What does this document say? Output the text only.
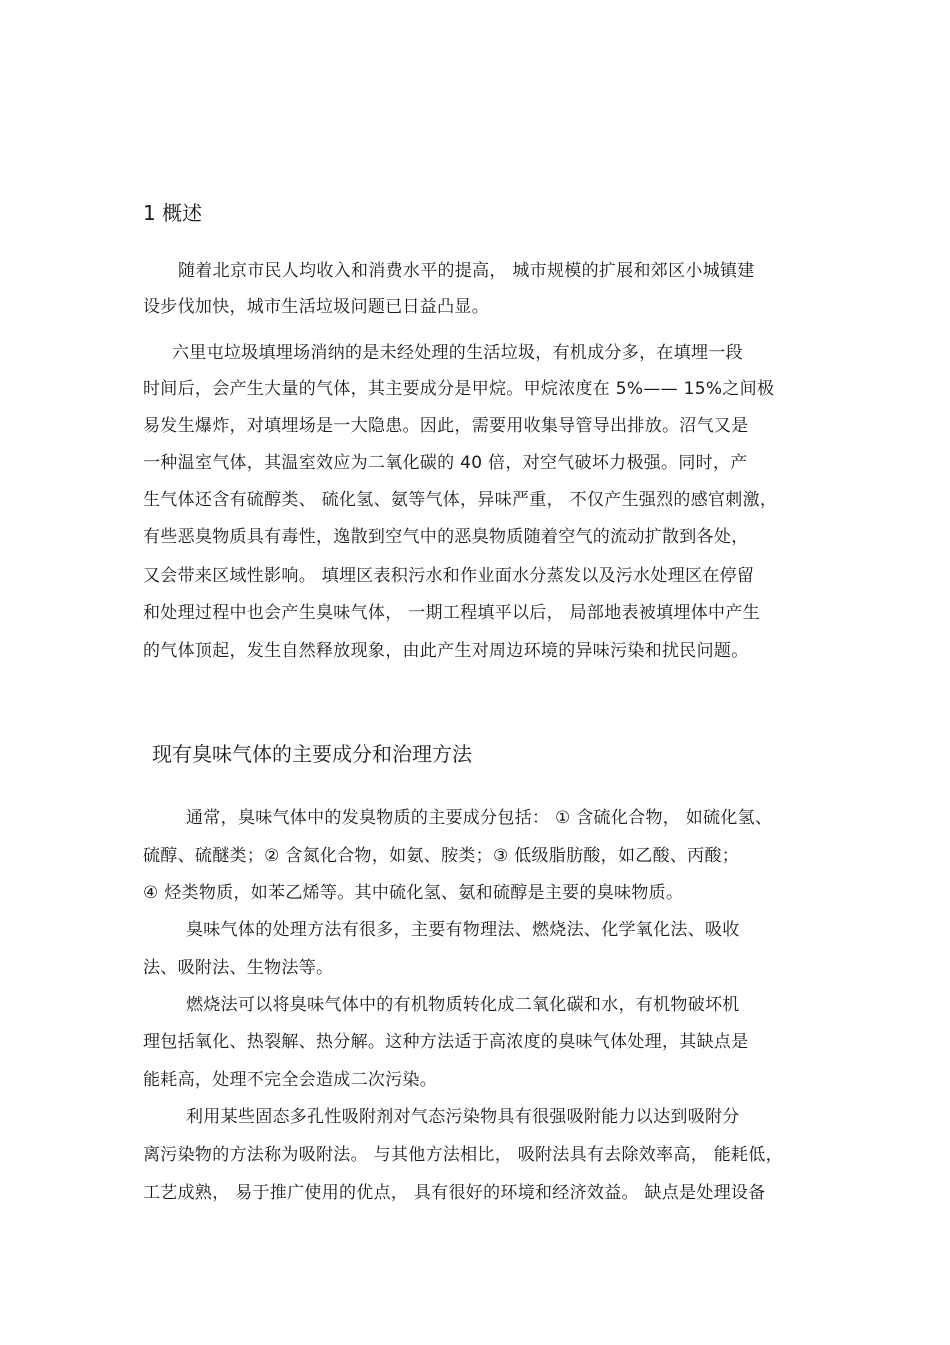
1 概述
随着北京市民人均收入和消费水平的提高， 城市规模的扩展和郊区小城镇建
设步伐加快，城市生活垃圾问题已日益凸显。
六里屯垃圾填埋场消纳的是未经处理的生活垃圾，有机成分多，在填埋一段
时间后，会产生大量的气体，其主要成分是甲烷。甲烷浓度在 5%—— 15%之间极
易发生爆炸，对填埋场是一大隐患。因此，需要用收集导管导出排放。沼气又是
一种温室气体，其温室效应为二氧化碳的 40 倍，对空气破坏力极强。同时，产
生气体还含有硫醇类、 硫化氢、氨等气体，异味严重， 不仅产生强烈的感官刺激，
有些恶臭物质具有毒性，逸散到空气中的恶臭物质随着空气的流动扩散到各处，
又会带来区域性影响。 填埋区表积污水和作业面水分蒸发以及污水处理区在停留
和处理过程中也会产生臭味气体， 一期工程填平以后， 局部地表被填埋体中产生
的气体顶起，发生自然释放现象，由此产生对周边环境的异味污染和扰民问题。
现有臭味气体的主要成分和治理方法
通常，臭味气体中的发臭物质的主要成分包括： ① 含硫化合物， 如硫化氢、
硫醇、硫醚类；② 含氮化合物，如氨、胺类；③ 低级脂肪酸，如乙酸、丙酸；
④ 烃类物质，如苯乙烯等。其中硫化氢、氨和硫醇是主要的臭味物质。
臭味气体的处理方法有很多，主要有物理法、燃烧法、化学氧化法、吸收
法、吸附法、生物法等。
燃烧法可以将臭味气体中的有机物质转化成二氧化碳和水，有机物破坏机
理包括氧化、热裂解、热分解。这种方法适于高浓度的臭味气体处理，其缺点是
能耗高，处理不完全会造成二次污染。
利用某些固态多孔性吸附剂对气态污染物具有很强吸附能力以达到吸附分
离污染物的方法称为吸附法。 与其他方法相比， 吸附法具有去除效率高， 能耗低，
工艺成熟， 易于推广使用的优点， 具有很好的环境和经济效益。 缺点是处理设备
